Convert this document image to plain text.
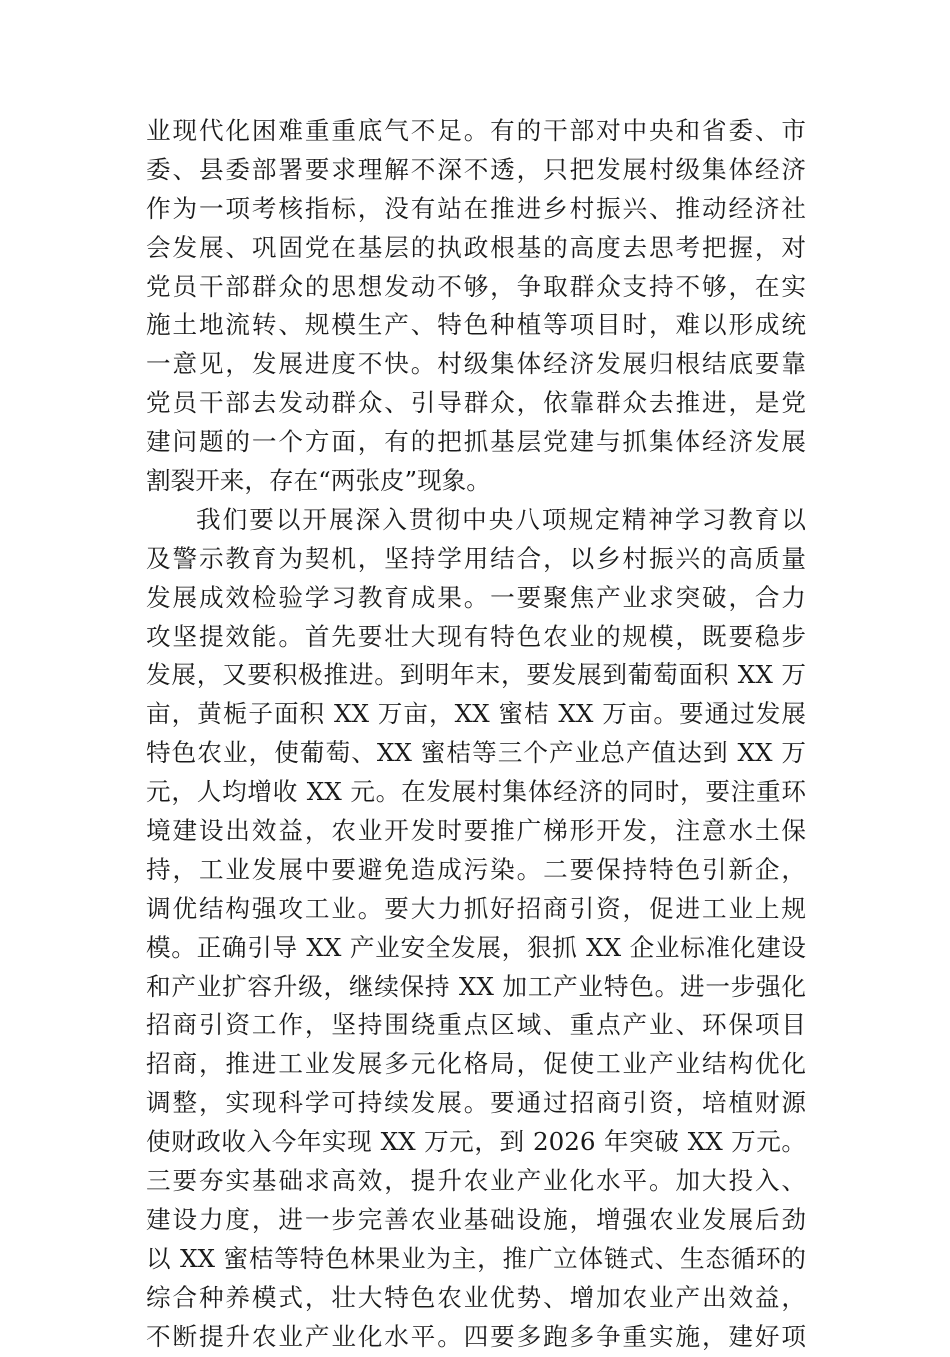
业现代化困难重重底气不足。有的干部对中央和省委、市
委、县委部署要求理解不深不透，只把发展村级集体经济
作为一项考核指标，没有站在推进乡村振兴、推动经济社
会发展、巩固党在基层的执政根基的高度去思考把握，对
党员干部群众的思想发动不够，争取群众支持不够，在实
施土地流转、规模生产、特色种植等项目时，难以形成统
一意见，发展进度不快。村级集体经济发展归根结底要靠
党员干部去发动群众、引导群众，依靠群众去推进，是党
建问题的一个方面，有的把抓基层党建与抓集体经济发展
割裂开来，存在“两张皮”现象。
我们要以开展深入贯彻中央八项规定精神学习教育以
及警示教育为契机，坚持学用结合，以乡村振兴的高质量
发展成效检验学习教育成果。一要聚焦产业求突破，合力
攻坚提效能。首先要壮大现有特色农业的规模，既要稳步
发展，又要积极推进。到明年末，要发展到葡萄面积 XX 万
亩，黄栀子面积 XX 万亩，XX 蜜桔 XX 万亩。要通过发展
特色农业，使葡萄、XX 蜜桔等三个产业总产值达到 XX 万
元，人均增收 XX 元。在发展村集体经济的同时，要注重环
境建设出效益，农业开发时要推广梯形开发，注意水土保
持，工业发展中要避免造成污染。二要保持特色引新企，
调优结构强攻工业。要大力抓好招商引资，促进工业上规
模。正确引导 XX 产业安全发展，狠抓 XX 企业标准化建设
和产业扩容升级，继续保持 XX 加工产业特色。进一步强化
招商引资工作，坚持围绕重点区域、重点产业、环保项目
招商，推进工业发展多元化格局，促使工业产业结构优化
调整，实现科学可持续发展。要通过招商引资，培植财源
使财政收入今年实现 XX 万元，到 2026 年突破 XX 万元。
三要夯实基础求高效，提升农业产业化水平。加大投入、
建设力度，进一步完善农业基础设施，增强农业发展后劲
以 XX 蜜桔等特色林果业为主，推广立体链式、生态循环的
综合种养模式，壮大特色农业优势、增加农业产出效益，
不断提升农业产业化水平。四要多跑多争重实施，建好项
